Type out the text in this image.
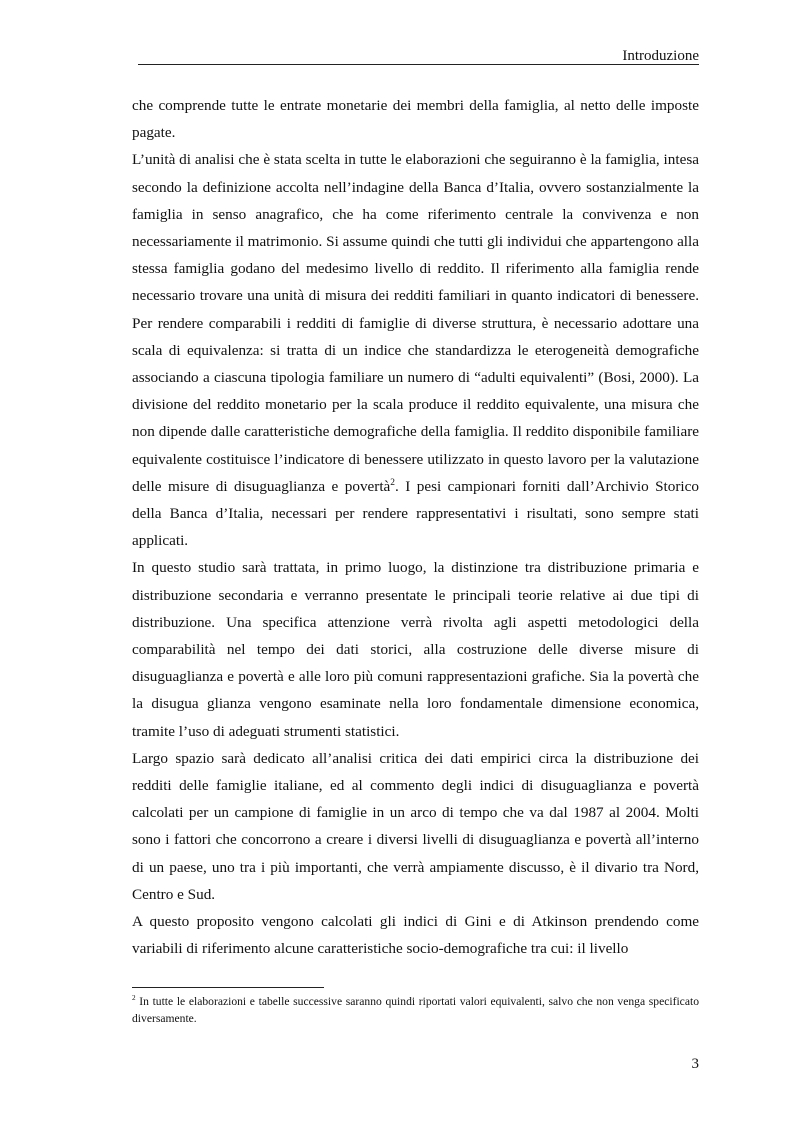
Introduzione

che comprende tutte le entrate monetarie dei membri della famiglia, al netto delle imposte pagate.

L’unità di analisi che è stata scelta in tutte le elaborazioni che seguiranno è la famiglia, intesa secondo la definizione accolta nell’indagine della Banca d’Italia, ovvero sostanzialmente la famiglia in senso anagrafico, che ha come riferimento centrale la convivenza e non necessariamente il matrimonio. Si assume quindi che tutti gli individui che appartengono alla stessa famiglia godano del medesimo livello di reddito. Il riferimento alla famiglia rende necessario trovare una unità di misura dei redditi familiari in quanto indicatori di benessere. Per rendere comparabili i redditi di famiglie di diverse struttura, è necessario adottare una scala di equivalenza: si tratta di un indice che standardizza le eterogeneità demografiche associando a ciascuna tipologia familiare un numero di “adulti equivalenti” (Bosi, 2000). La divisione del reddito monetario per la scala produce il reddito equivalente, una misura che non dipende dalle caratteristiche demografiche della famiglia. Il reddito disponibile familiare equivalente costituisce l’indicatore di benessere utilizzato in questo lavoro per la valutazione delle misure di disuguaglianza e povertà$^2$. I pesi campionari forniti dall’Archivio Storico della Banca d’Italia, necessari per rendere rappresentativi i risultati, sono sempre stati applicati.

In questo studio sarà trattata, in primo luogo, la distinzione tra distribuzione primaria e distribuzione secondaria e verranno presentate le principali teorie relative ai due tipi di distribuzione. Una specifica attenzione verrà rivolta agli aspetti metodologici della comparabilità nel tempo dei dati storici, alla costruzione delle diverse misure di disuguaglianza e povertà e alle loro più comuni rappresentazioni grafiche. Sia la povertà che la disugua glianza vengono esaminate nella loro fondamentale dimensione economica, tramite l’uso di adeguati strumenti statistici.

Largo spazio sarà dedicato all’analisi critica dei dati empirici circa la distribuzione dei redditi delle famiglie italiane, ed al commento degli indici di disuguaglianza e povertà calcolati per un campione di famiglie in un arco di tempo che va dal 1987 al 2004. Molti sono i fattori che concorrono a creare i diversi livelli di disuguaglianza e povertà all’interno di un paese, uno tra i più importanti, che verrà ampiamente discusso, è il divario tra Nord, Centro e Sud.

A questo proposito vengono calcolati gli indici di Gini e di Atkinson prendendo come variabili di riferimento alcune caratteristiche socio-demografiche tra cui: il livello

$^2$ In tutte le elaborazioni e tabelle successive saranno quindi riportati valori equivalenti, salvo che non venga specificato diversamente.
3
